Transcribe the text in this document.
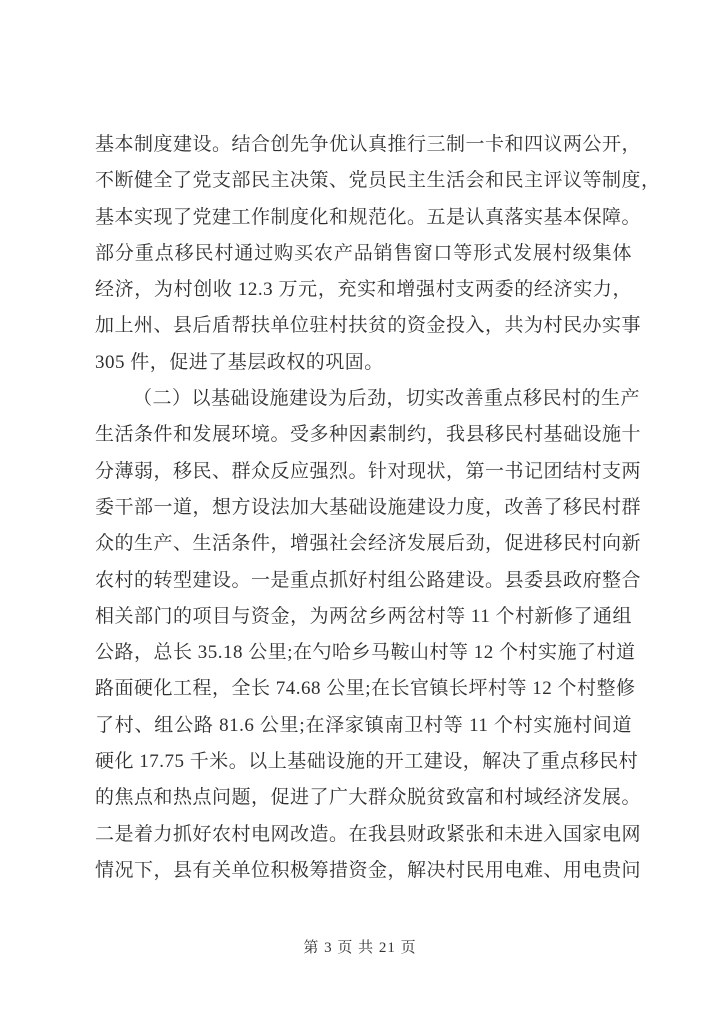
基本制度建设。结合创先争优认真推行三制一卡和四议两公开，
不断健全了党支部民主决策、党员民主生活会和民主评议等制度，
基本实现了党建工作制度化和规范化。五是认真落实基本保障。
部分重点移民村通过购买农产品销售窗口等形式发展村级集体
经济，为村创收 12.3 万元，充实和增强村支两委的经济实力，
加上州、县后盾帮扶单位驻村扶贫的资金投入，共为村民办实事
305 件，促进了基层政权的巩固。
（二）以基础设施建设为后劲，切实改善重点移民村的生产
生活条件和发展环境。受多种因素制约，我县移民村基础设施十
分薄弱，移民、群众反应强烈。针对现状，第一书记团结村支两
委干部一道，想方设法加大基础设施建设力度，改善了移民村群
众的生产、生活条件，增强社会经济发展后劲，促进移民村向新
农村的转型建设。一是重点抓好村组公路建设。县委县政府整合
相关部门的项目与资金，为两岔乡两岔村等 11 个村新修了通组
公路，总长 35.18 公里;在勺哈乡马鞍山村等 12 个村实施了村道
路面硬化工程，全长 74.68 公里;在长官镇长坪村等 12 个村整修
了村、组公路 81.6 公里;在泽家镇南卫村等 11 个村实施村间道
硬化 17.75 千米。以上基础设施的开工建设，解决了重点移民村
的焦点和热点问题，促进了广大群众脱贫致富和村域经济发展。
二是着力抓好农村电网改造。在我县财政紧张和未进入国家电网
情况下，县有关单位积极筹措资金，解决村民用电难、用电贵问
第 3 页 共 21 页
